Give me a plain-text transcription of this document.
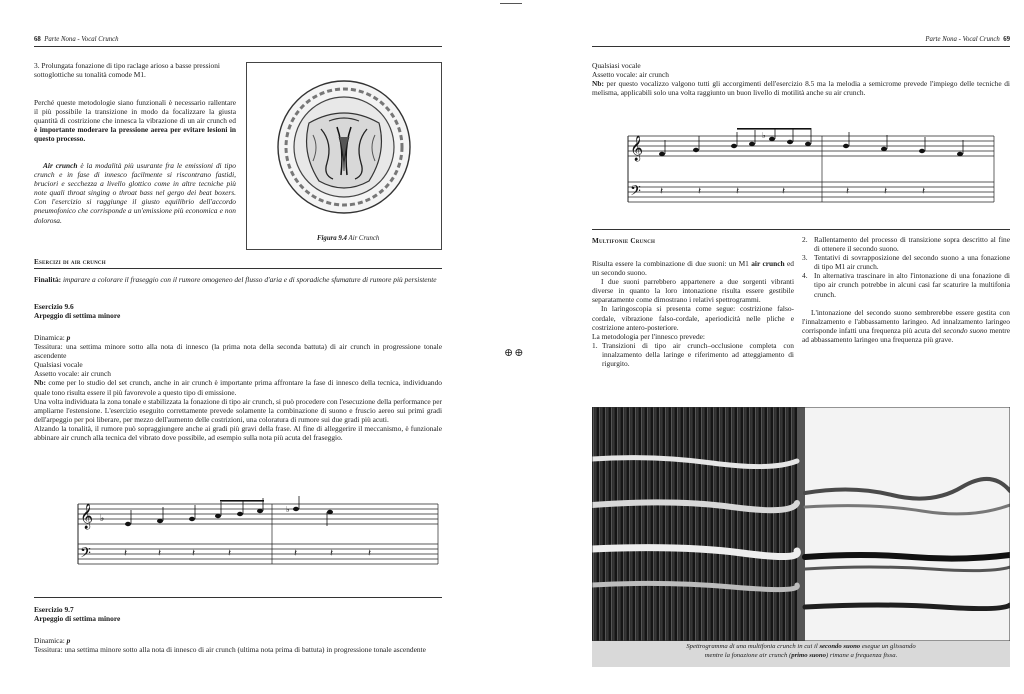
68 Parte Nona - Vocal Crunch
3. Prolungata fonazione di tipo raclage arioso a basse pressioni sottoglottiche su tonalità comode M1.
Perché queste metodologie siano funzionali è necessario rallentare il più possibile la transizione in modo da focalizzare la giusta quantità di costrizione che innesca la vibrazione di un air crunch ed è importante moderare la pressione aerea per evitare lesioni in questo processo.
Air crunch è la modalità più usurante fra le emissioni di tipo crunch e in fase di innesco facilmente si riscontrano fastidi, bruciori e secchezza a livello glottico come in altre tecniche più note quali throat singing o throat bass nel gergo dei beat boxers. Con l'esercizio si raggiunge il giusto equilibrio dell'accordo pneumofonico che corrisponde a un'emissione più economica e non dolorosa.
Figura 9.4 Air Crunch
Esercizi di air crunch
Finalità: imparare a colorare il fraseggio con il rumore omogeneo del flusso d'aria e di sporadiche sfumature di rumore più persistente
Esercizio 9.6
Arpeggio di settima minore

Dinamica: p

Tessitura: una settima minore sotto alla nota di innesco (la prima nota della seconda battuta) di air crunch in progressione tonale ascendente

Qualsiasi vocale

Assetto vocale: air crunch

Nb: come per lo studio del set crunch, anche in air crunch è importante prima affrontare la fase di innesco della tecnica, individuando quale tono risulta essere il più favorevole a questo tipo di emissione.

Una volta individuata la zona tonale e stabilizzata la fonazione di tipo air crunch, si può procedere con l'esecuzione della performance per ampliarne l'estensione. L'esercizio eseguito correttamente prevede solamente la combinazione di suono e fruscio aereo sui primi gradi dell'arpeggio per poi liberare, per mezzo dell'aumento delle costrizioni, una coloratura di rumore sui due gradi più acuti.

Alzando la tonalità, il rumore può sopraggiungere anche ai gradi più gravi della frase. Al fine di alleggerire il meccanismo, è funzionale abbinare air crunch alla tecnica del vibrato dove possibile, ad esempio sulla nota più acuta del fraseggio.

𝄞
𝄢
♭
♭
𝄽	𝄽	𝄽	𝄽	𝄽	𝄽	𝄽
Esercizio 9.7
Arpeggio di settima minore

Dinamica: p

Tessitura: una settima minore sotto alla nota di innesco di air crunch (ultima nota prima di battuta) in progressione tonale ascendente

⊕⊕
Parte Nona - Vocal Crunch 69

Qualsiasi vocale

Assetto vocale: air crunch

Nb: per questo vocalizzo valgono tutti gli accorgimenti dell'esercizio 8.5 ma la melodia a semicrome prevede l'impiego delle tecniche di melisma, applicabili solo una volta raggiunto un buon livello di motilità anche su air crunch.

𝄞
𝄢
♭
𝄽	𝄽	𝄽	𝄽	𝄽	𝄽	𝄽
Multifonie Crunch

Risulta essere la combinazione di due suoni: un M1 air crunch ed un secondo suono.

I due suoni parrebbero appartenere a due sorgenti vibranti diverse in quanto la loro intonazione risulta essere gestibile separatamente come dimostrano i relativi spettrogrammi.

In laringoscopia si presenta come segue: costrizione falso-cordale, vibrazione falso-cordale, aperiodicità nelle pliche e costrizione antero-posteriore.

La metodologia per l'innesco prevede:

1. Transizioni di tipo air crunch–occlusione completa con innalzamento della laringe e riferimento ad atteggiamento di rigurgito.
2. Rallentamento del processo di transizione sopra descritto al fine di ottenere il secondo suono.
3. Tentativi di sovrapposizione del secondo suono a una fonazione di tipo M1 air crunch.
4. In alternativa trascinare in alto l'intonazione di una fonazione di tipo air crunch potrebbe in alcuni casi far scaturire la multifonia crunch.

L'intonazione del secondo suono sembrerebbe essere gestita con l'innalzamento e l'abbassamento laringeo. Ad innalzamento laringeo corrisponde infatti una frequenza più acuta del secondo suono mentre ad abbassamento laringeo una frequenza più grave.

Spettrogramma di una multifonia crunch in cui il secondo suono esegue un glissando
mentre la fonazione air crunch (primo suono) rimane a frequenza fissa.
